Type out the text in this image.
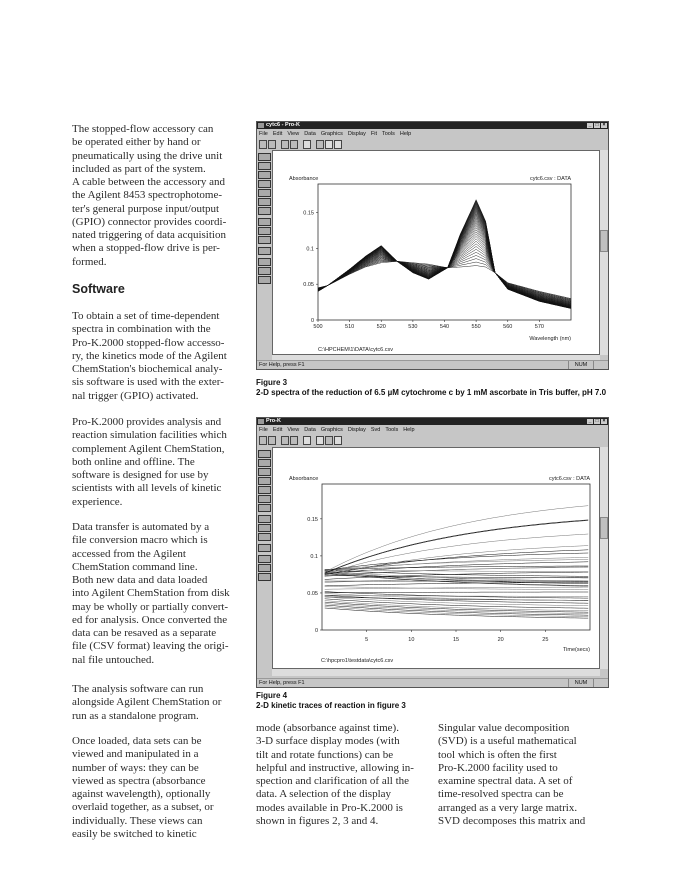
The stopped-flow accessory can
be operated either by hand or
pneumatically using the drive unit
included as part of the system.
A cable between the accessory and
the Agilent 8453 spectrophotome-
ter's general purpose input/output
(GPIO) connector provides coordi-
nated triggering of data acquisition
when a stopped-flow drive is per-
formed.
Software
To obtain a set of time-dependent
spectra in combination with the
Pro-K.2000 stopped-flow accesso-
ry, the kinetics mode of the Agilent
ChemStation's biochemical analy-
sis software is used with the exter-
nal trigger (GPIO) activated.
Pro-K.2000 provides analysis and
reaction simulation facilities which
complement Agilent ChemStation,
both online and offline. The
software is designed for use by
scientists with all levels of kinetic
experience.
Data transfer is automated by a
file conversion macro which is
accessed from the Agilent
ChemStation command line.
Both new data and data loaded
into Agilent ChemStation from disk
may be wholly or partially convert-
ed for analysis. Once converted the
data can be resaved as a separate
file (CSV format) leaving the origi-
nal file untouched.
The analysis software can run
alongside Agilent ChemStation or
run as a standalone program.
Once loaded, data sets can be
viewed and manipulated in a
number of ways: they can be
viewed as spectra (absorbance
against wavelength), optionally
overlaid together, as a subset, or
individually. These views can
easily be switched to kinetic
mode (absorbance against time).
3-D surface display modes (with
tilt and rotate functions) can be
helpful and instructive, allowing in-
spection and clarification of all the
data. A selection of the display
modes available in Pro-K.2000 is
shown in figures 2, 3 and 4.
Singular value decomposition
(SVD) is a useful mathematical
tool which is often the first
Pro-K.2000 facility used to
examine spectral data. A set of
time-resolved spectra can be
arranged as a very large matrix.
SVD decomposes this matrix and
cytc6 - Pro-K	_ □ ×
File Edit View Data Graphics Display Fit Tools Help
Absorbance	cytc6.csv : DATA
Wavelength (nm)
C:\HPCHEM\1\DATA\cytc6.csv
500	510	520	530	540	550	560	570
0
0.05
0.1
0.15
For Help, press F1	NUM
Figure 3
2-D spectra of the reduction of 6.5 µM cytochrome c by 1 mM ascorbate in Tris buffer, pH 7.0
Pro-K	_ □ ×
File Edit View Data Graphics Display Svd Tools Help
Absorbance	cytc6.csv : DATA
Time(secs)
C:\hpcpro1\testdata\cytc6.csv
5	10	15	20	25
0
0.05
0.1
0.15
For Help, press F1	NUM
Figure 4
2-D kinetic traces of reaction in figure 3
